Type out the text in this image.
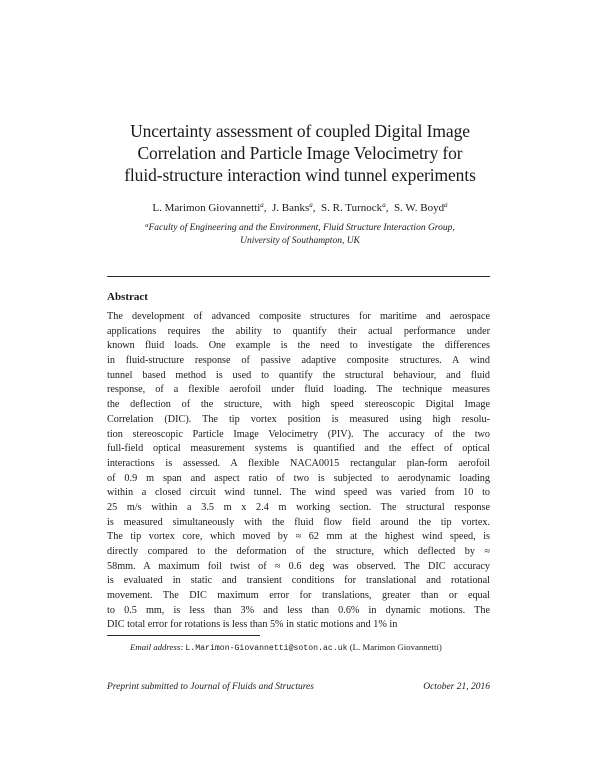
Uncertainty assessment of coupled Digital Image
Correlation and Particle Image Velocimetry for
fluid-structure interaction wind tunnel experiments
L. Marimon Giovannetti$^a$,  J. Banks$^a$,  S. R. Turnock$^a$,  S. W. Boyd$^a$
$^a$Faculty of Engineering and the Environment, Fluid Structure Interaction Group,
University of Southampton, UK
Abstract
The development of advanced composite structures for maritime and aerospace
applications requires the ability to quantify their actual performance under
known fluid loads. One example is the need to investigate the differences
in fluid-structure response of passive adaptive composite structures. A wind
tunnel based method is used to quantify the structural behaviour, and fluid
response, of a flexible aerofoil under fluid loading. The technique measures
the deflection of the structure, with high speed stereoscopic Digital Image
Correlation (DIC). The tip vortex position is measured using high resolu-
tion stereoscopic Particle Image Velocimetry (PIV). The accuracy of the two
full-field optical measurement systems is quantified and the effect of optical
interactions is assessed. A flexible NACA0015 rectangular plan-form aerofoil
of 0.9 m span and aspect ratio of two is subjected to aerodynamic loading
within a closed circuit wind tunnel. The wind speed was varied from 10 to
25 m/s within a 3.5 m x 2.4 m working section. The structural response
is measured simultaneously with the fluid flow field around the tip vortex.
The tip vortex core, which moved by ≈ 62 mm at the highest wind speed, is
directly compared to the deformation of the structure, which deflected by ≈
58mm. A maximum foil twist of ≈ 0.6 deg was observed. The DIC accuracy
is evaluated in static and transient conditions for translational and rotational
movement. The DIC maximum error for translations, greater than or equal
to 0.5 mm, is less than 3% and less than 0.6% in dynamic motions. The
DIC total error for rotations is less than 5% in static motions and 1% in
Email address: L.Marimon-Giovannetti@soton.ac.uk (L. Marimon Giovannetti)
Preprint submitted to Journal of Fluids and Structures	October 21, 2016
